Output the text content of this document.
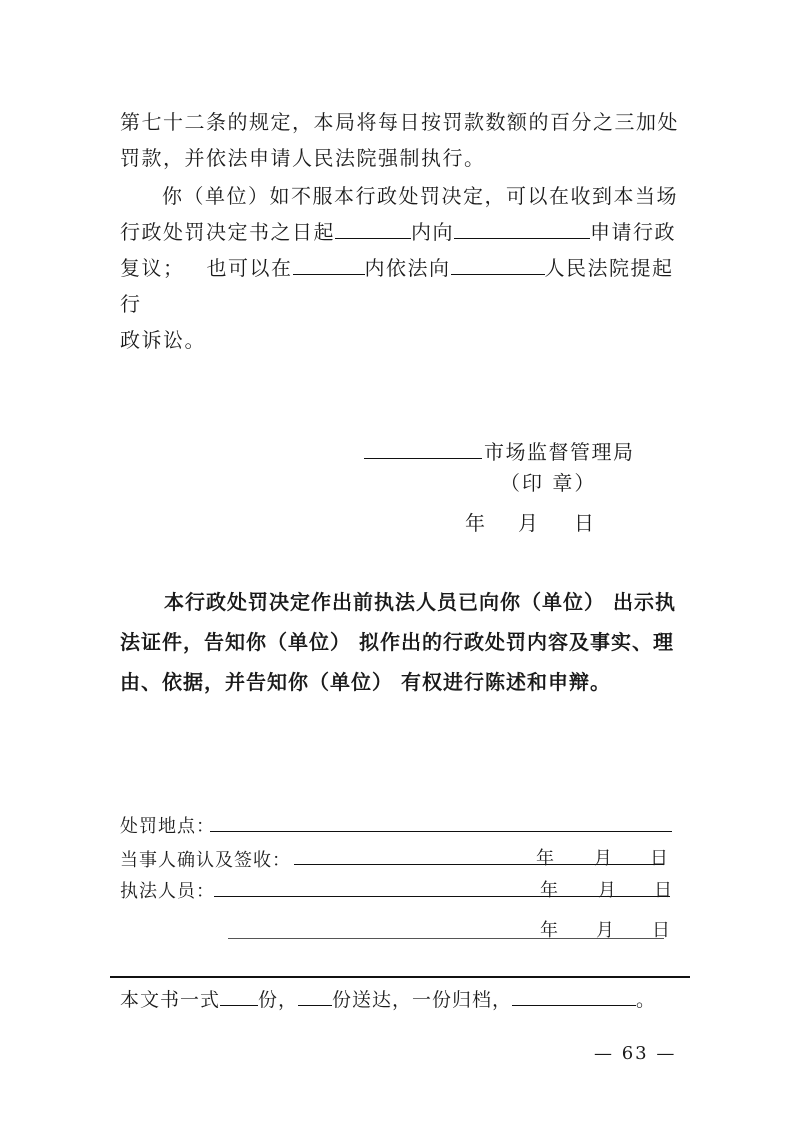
第七十二条的规定，本局将每日按罚款数额的百分之三加处
罚款，并依法申请人民法院强制执行。
你（单位）如不服本行政处罚决定，可以在收到本当场
行政处罚决定书之日起	内向	申请行政
复议； 也可以在	内依法向	人民法院提起行
政诉讼。
市场监督管理局
（印 章）
年 月 日
本行政处罚决定作出前执法人员已向你（单位） 出示执
法证件，告知你（单位） 拟作出的行政处罚内容及事实、理
由、依据，并告知你（单位） 有权进行陈述和申辩。
处罚地点：
当事人确认及签收：	年 月 日
执法人员：	年 月 日
年 月 日
本文书一式 份， 份送达，一份归档，	。
— 63 —
